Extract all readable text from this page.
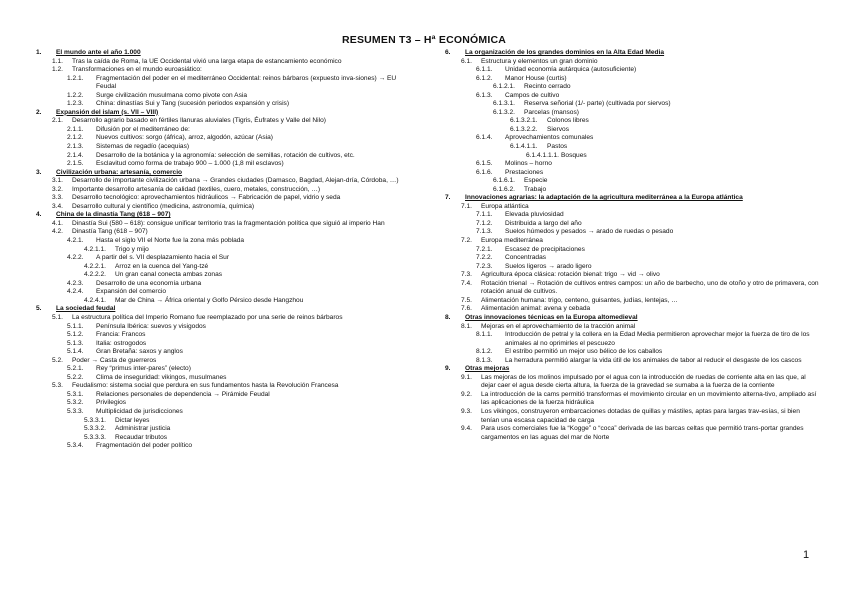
RESUMEN T3 – Hª ECONÓMICA
1. El mundo ante el año 1.000
1.1. Tras la caída de Roma, la UE Occidental vivió una larga etapa de estancamiento económico
1.2. Transformaciones en el mundo euroasiático:
1.2.1. Fragmentación del poder en el mediterráneo Occidental: reinos bárbaros (expuesto inva-siones) → EU Feudal
1.2.2. Surge civilización musulmana como pivote con Asia
1.2.3. China: dinastías Sui y Tang (sucesión periodos expansión y crisis)
2. Expansión del islam (s. VII – VIII)
2.1. Desarrollo agrario basado en fértiles llanuras aluviales (Tigris, Éufrates y Valle del Nilo)
2.1.1. Difusión por el mediterráneo de:
2.1.2. Nuevos cultivos: sorgo (áfrica), arroz, algodón, azúcar (Asia)
2.1.3. Sistemas de regadío (acequias)
2.1.4. Desarrollo de la botánica y la agronomía: selección de semillas, rotación de cultivos, etc.
2.1.5. Esclavitud como forma de trabajo 900 – 1.000 (1,8 mil esclavos)
3. Civilización urbana: artesanía, comercio
3.1. Desarrollo de importante civilización urbana → Grandes ciudades (Damasco, Bagdad, Alejan-dría, Córdoba, …)
3.2. Importante desarrollo artesanía de calidad (textiles, cuero, metales, construcción, …)
3.3. Desarrollo tecnológico: aprovechamientos hidráulicos → Fabricación de papel, vidrio y seda
3.4. Desarrollo cultural y científico (medicina, astronomía, química)
4. China de la dinastía Tang (618 – 907)
4.1. Dinastía Sui (580 – 618): consigue unificar territorio tras la fragmentación política que siguió al imperio Han
4.2. Dinastía Tang (618 – 907)
4.2.1. Hasta el siglo VII el Norte fue la zona más poblada
4.2.1.1. Trigo y mijo
4.2.2. A partir del s. VII desplazamiento hacia el Sur
4.2.2.1. Arroz en la cuenca del Yang-tzé
4.2.2.2. Un gran canal conecta ambas zonas
4.2.3. Desarrollo de una economía urbana
4.2.4. Expansión del comercio
4.2.4.1. Mar de China → África oriental y Golfo Pérsico desde Hangzhou
5. La sociedad feudal
5.1. La estructura política del Imperio Romano fue reemplazado por una serie de reinos bárbaros
5.1.1. Península Ibérica: suevos y visigodos
5.1.2. Francia: Francos
5.1.3. Italia: ostrogodos
5.1.4. Gran Bretaña: saxos y anglos
5.2. Poder → Casta de guerreros
5.2.1. Rey “primus inter-pares” (electo)
5.2.2. Clima de inseguridad: vikingos, musulmanes
5.3. Feudalismo: sistema social que perdura en sus fundamentos hasta la Revolución Francesa
5.3.1. Relaciones personales de dependencia → Pirámide Feudal
5.3.2. Privilegios
5.3.3. Multiplicidad de jurisdicciones
5.3.3.1. Dictar leyes
5.3.3.2. Administrar justicia
5.3.3.3. Recaudar tributos
5.3.4. Fragmentación del poder político
6. La organización de los grandes dominios en la Alta Edad Media
6.1. Estructura y elementos un gran dominio
6.1.1. Unidad economía autárquica (autosuficiente)
6.1.2. Manor House (curtis)
6.1.2.1. Recinto cerrado
6.1.3. Campos de cultivo
6.1.3.1. Reserva señorial (1/- parte) (cultivada por siervos)
6.1.3.2. Parcelas (mansos)
6.1.3.2.1. Colonos libres
6.1.3.2.2. Siervos
6.1.4. Aprovechamientos comunales
6.1.4.1.1. Pastos
6.1.4.1.1.1. Bosques
6.1.5. Molinos – horno
6.1.6. Prestaciones
6.1.6.1. Especie
6.1.6.2. Trabajo
7. Innovaciones agrarias: la adaptación de la agricultura mediterránea a la Europa atlántica
7.1. Europa atlántica
7.1.1. Elevada pluviosidad
7.1.2. Distribuida a largo del año
7.1.3. Suelos húmedos y pesados → arado de ruedas o pesado
7.2. Europa mediterránea
7.2.1. Escasez de precipitaciones
7.2.2. Concentradas
7.2.3. Suelos ligeros → arado ligero
7.3. Agricultura época clásica: rotación bienal: trigo → vid → olivo
7.4. Rotación trienal → Rotación de cultivos entres campos: un año de barbecho, uno de otoño y otro de primavera, con rotación anual de cultivos.
7.5. Alimentación humana: trigo, centeno, guisantes, judías, lentejas, …
7.6. Alimentación animal: avena y cebada
8. Otras innovaciones técnicas en la Europa altomedieval
8.1. Mejoras en el aprovechamiento de la tracción animal
8.1.1. Introducción de petral y la collera en la Edad Media permitieron aprovechar mejor la fuerza de tiro de los animales al no oprimirles el pescuezo
8.1.2. El estribo permitió un mejor uso bélico de los caballos
8.1.3. La herradura permitió alargar la vida útil de los animales de tabor al reducir el desgaste de los cascos
9. Otras mejoras
9.1. Las mejoras de los molinos impulsado por el agua con la introducción de ruedas de corriente alta en las que, al dejar caer el agua desde cierta altura, la fuerza de la gravedad se sumaba a la fuerza de la corriente
9.2. La introducción de la cams permitió transformas el movimiento circular en un movimiento alterna-tivo, ampliado así las aplicaciones de la fuerza hidráulica
9.3. Los vikingos, construyeron embarcaciones dotadas de quillas y mástiles, aptas para largas trav-esías, si bien tenían una escasa capacidad de carga
9.4. Para usos comerciales fue la “Kogge” o “coca” derivada de las barcas celtas que permitió trans-portar grandes cargamentos en las aguas del mar de Norte
1
